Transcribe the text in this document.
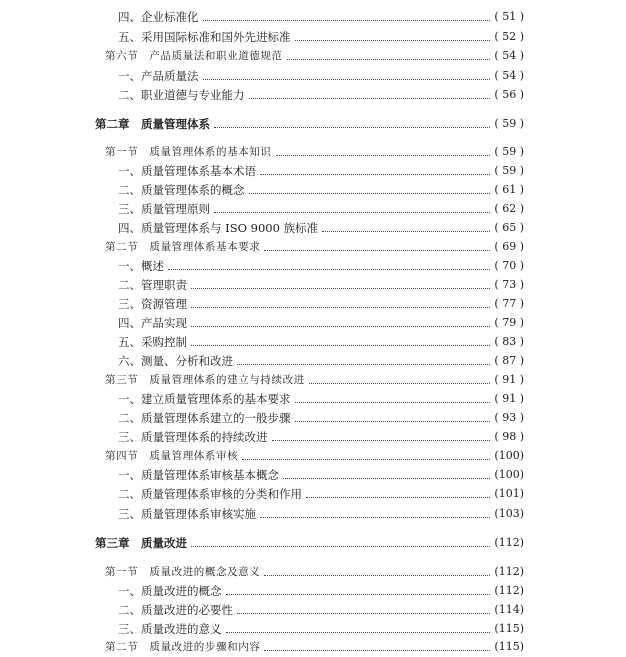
四、企业标准化	( 51 )
五、采用国际标准和国外先进标准	( 52 )
第六节　产品质量法和职业道德规范	( 54 )
一、产品质量法	( 54 )
二、职业道德与专业能力	( 56 )
第二章　质量管理体系	( 59 )
第一节　质量管理体系的基本知识	( 59 )
一、质量管理体系基本术语	( 59 )
二、质量管理体系的概念	( 61 )
三、质量管理原则	( 62 )
四、质量管理体系与 ISO 9000 族标准	( 65 )
第二节　质量管理体系基本要求	( 69 )
一、概述	( 70 )
二、管理职责	( 73 )
三、资源管理	( 77 )
四、产品实现	( 79 )
五、采购控制	( 83 )
六、测量、分析和改进	( 87 )
第三节　质量管理体系的建立与持续改进	( 91 )
一、建立质量管理体系的基本要求	( 91 )
二、质量管理体系建立的一般步骤	( 93 )
三、质量管理体系的持续改进	( 98 )
第四节　质量管理体系审核	(100)
一、质量管理体系审核基本概念	(100)
二、质量管理体系审核的分类和作用	(101)
三、质量管理体系审核实施	(103)
第三章　质量改进	(112)
第一节　质量改进的概念及意义	(112)
一、质量改进的概念	(112)
二、质量改进的必要性	(114)
三、质量改进的意义	(115)
第二节　质量改进的步骤和内容	(115)
